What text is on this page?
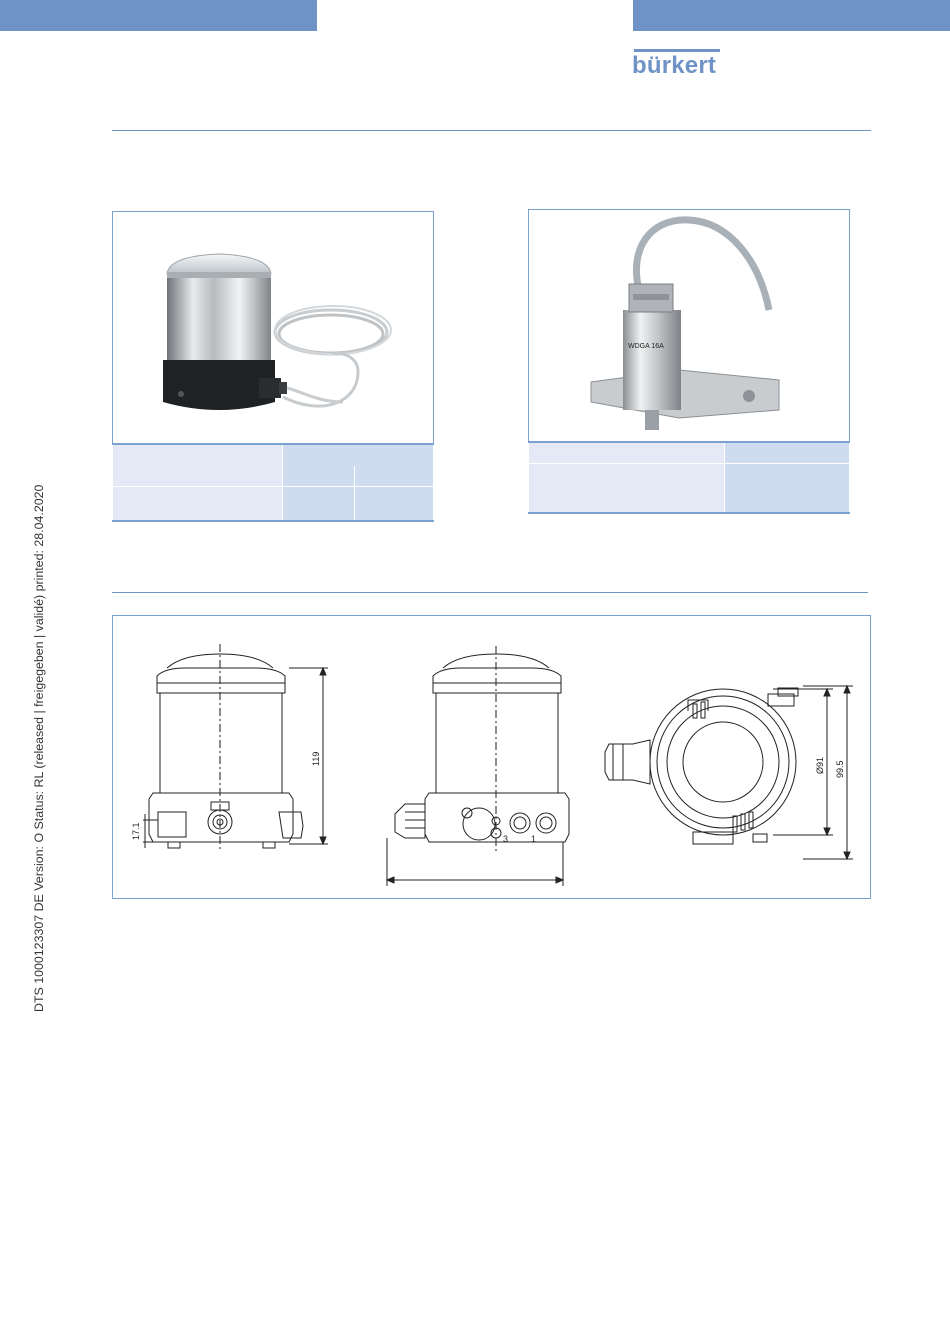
bürkert
DTS 1000123307 DE Version: O Status: RL (released | freigegeben | validé) printed: 28.04.2020

WDGA 16A

119
17.1	3	1
Ø91 99.5
